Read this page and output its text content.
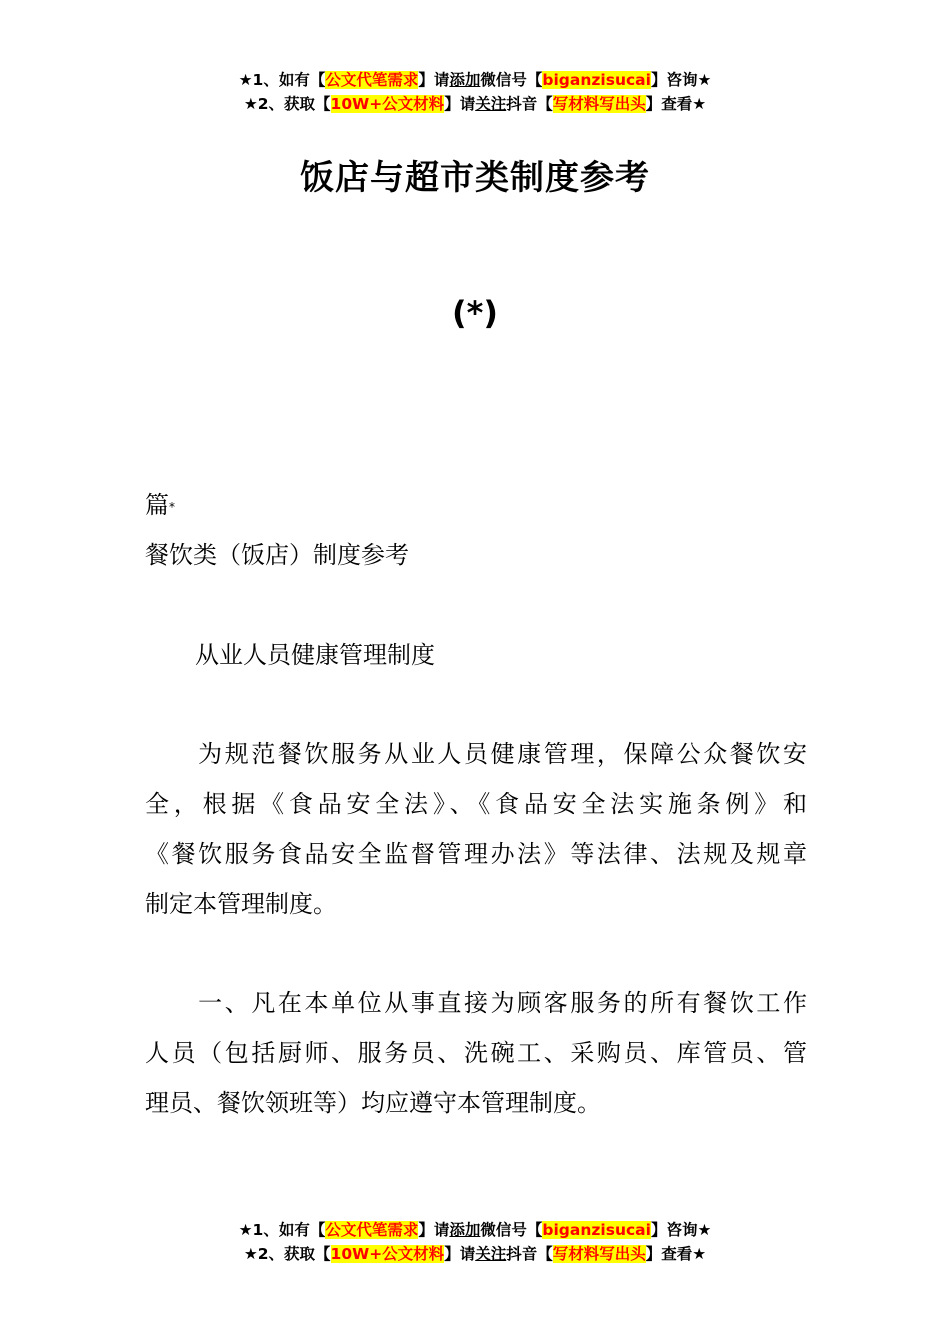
★1、如有【公文代笔需求】请添加微信号【biganzisucai】咨询★
★2、获取【10W+公文材料】请关注抖音【写材料写出头】查看★
饭店与超市类制度参考
(*)
篇*
餐饮类（饭店）制度参考
从业人员健康管理制度
　　为规范餐饮服务从业人员健康管理，保障公众餐饮安
全，根据《食品安全法》、《食品安全法实施条例》和
《餐饮服务食品安全监督管理办法》等法律、法规及规章
制定本管理制度。
　　一、凡在本单位从事直接为顾客服务的所有餐饮工作
人员（包括厨师、服务员、洗碗工、采购员、库管员、管
理员、餐饮领班等）均应遵守本管理制度。
★1、如有【公文代笔需求】请添加微信号【biganzisucai】咨询★
★2、获取【10W+公文材料】请关注抖音【写材料写出头】查看★
